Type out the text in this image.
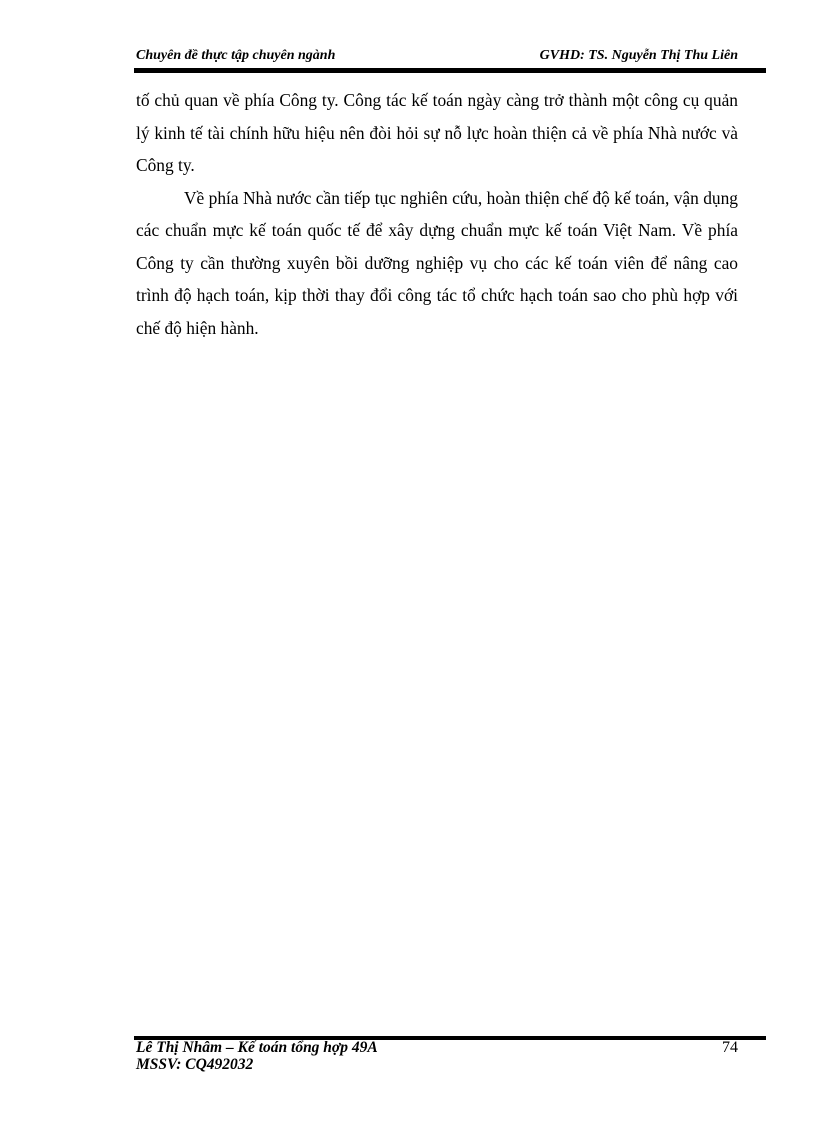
Chuyên đề thực tập chuyên ngành	GVHD: TS. Nguyễn Thị Thu Liên

tố chủ quan về phía Công ty. Công tác kế toán ngày càng trở thành một công cụ quản lý kinh tế tài chính hữu hiệu nên đòi hỏi sự nỗ lực hoàn thiện cả về phía Nhà nước và Công ty.

Về phía Nhà nước cần tiếp tục nghiên cứu, hoàn thiện chế độ kế toán, vận dụng các chuẩn mực kế toán quốc tế để xây dựng chuẩn mực kế toán Việt Nam. Về phía Công ty cần thường xuyên bồi dưỡng nghiệp vụ cho các kế toán viên để nâng cao trình độ hạch toán, kịp thời thay đổi công tác tổ chức hạch toán sao cho phù hợp với chế độ hiện hành.

Lê Thị Nhâm – Kế toán tổng hợp 49A
MSSV: CQ492032
74
